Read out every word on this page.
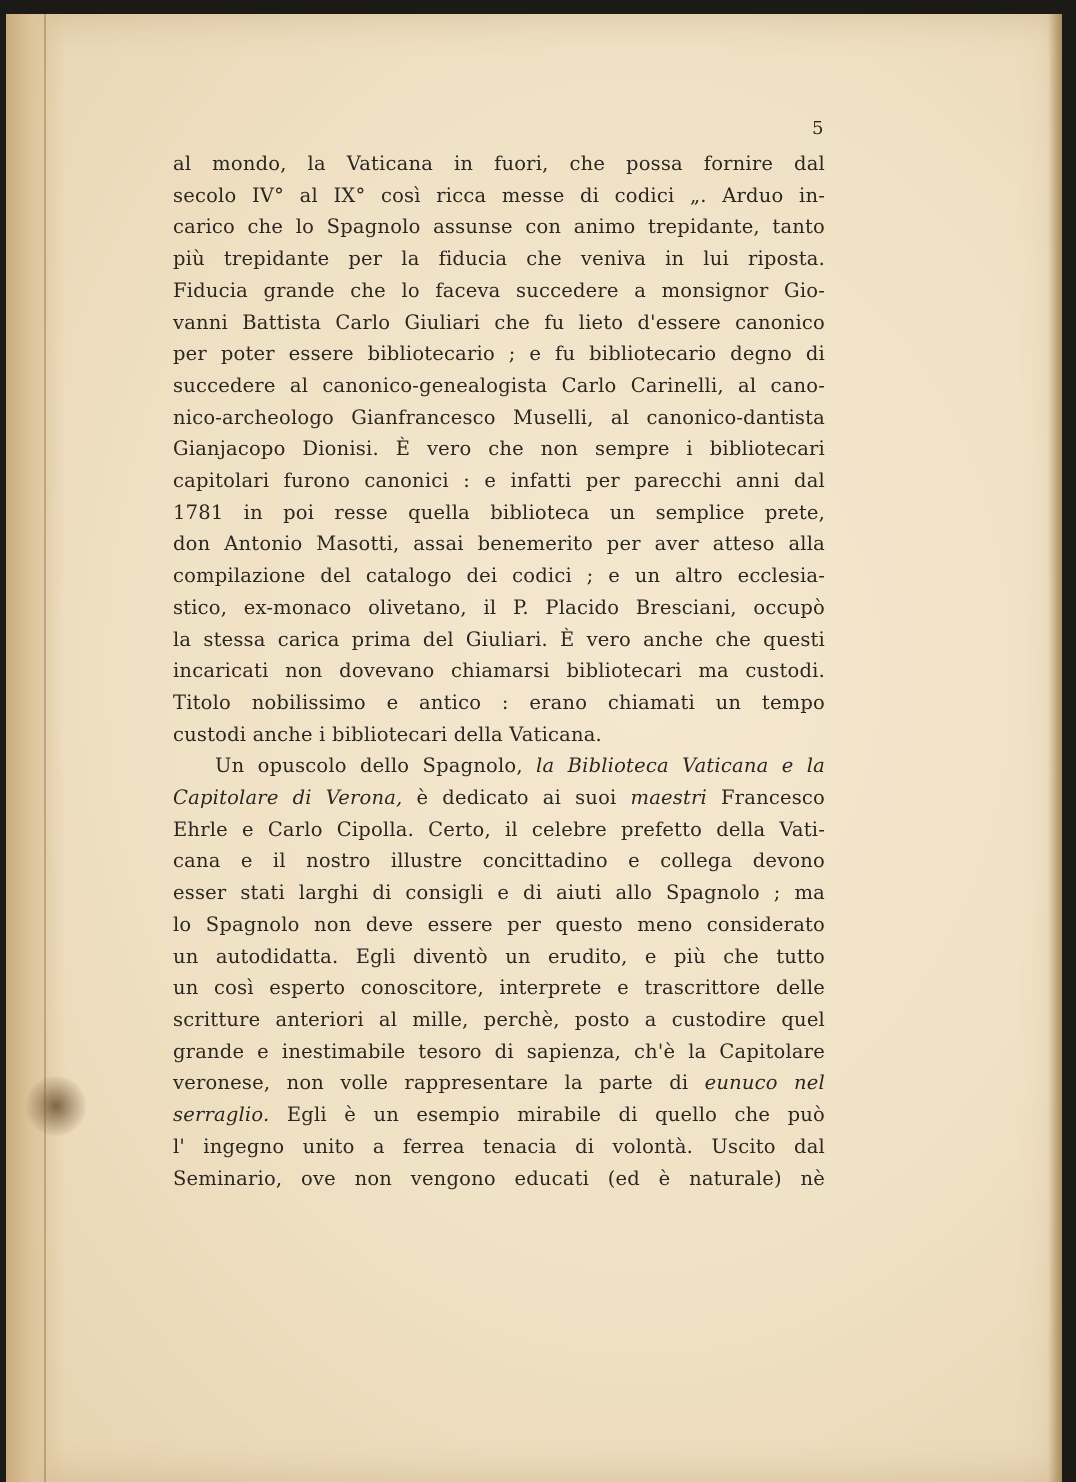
5

al mondo, la Vaticana in fuori, che possa fornire dal
secolo IV° al IX° così ricca messe di codici „. Arduo in-
carico che lo Spagnolo assunse con animo trepidante, tanto
più trepidante per la fiducia che veniva in lui riposta.
Fiducia grande che lo faceva succedere a monsignor Gio-
vanni Battista Carlo Giuliari che fu lieto d'essere canonico
per poter essere bibliotecario ; e fu bibliotecario degno di
succedere al canonico-genealogista Carlo Carinelli, al cano-
nico-archeologo Gianfrancesco Muselli, al canonico-dantista
Gianjacopo Dionisi. È vero che non sempre i bibliotecari
capitolari furono canonici : e infatti per parecchi anni dal
1781 in poi resse quella biblioteca un semplice prete,
don Antonio Masotti, assai benemerito per aver atteso alla
compilazione del catalogo dei codici ; e un altro ecclesia-
stico, ex-monaco olivetano, il P. Placido Bresciani, occupò
la stessa carica prima del Giuliari. È vero anche che questi
incaricati non dovevano chiamarsi bibliotecari ma custodi.
Titolo nobilissimo e antico : erano chiamati un tempo
custodi anche i bibliotecari della Vaticana.

Un opuscolo dello Spagnolo, la Biblioteca Vaticana e la
Capitolare di Verona, è dedicato ai suoi maestri Francesco
Ehrle e Carlo Cipolla. Certo, il celebre prefetto della Vati-
cana e il nostro illustre concittadino e collega devono
esser stati larghi di consigli e di aiuti allo Spagnolo ; ma
lo Spagnolo non deve essere per questo meno considerato
un autodidatta. Egli diventò un erudito, e più che tutto
un così esperto conoscitore, interprete e trascrittore delle
scritture anteriori al mille, perchè, posto a custodire quel
grande e inestimabile tesoro di sapienza, ch'è la Capitolare
veronese, non volle rappresentare la parte di eunuco nel
serraglio. Egli è un esempio mirabile di quello che può
l' ingegno unito a ferrea tenacia di volontà. Uscito dal
Seminario, ove non vengono educati (ed è naturale) nè
